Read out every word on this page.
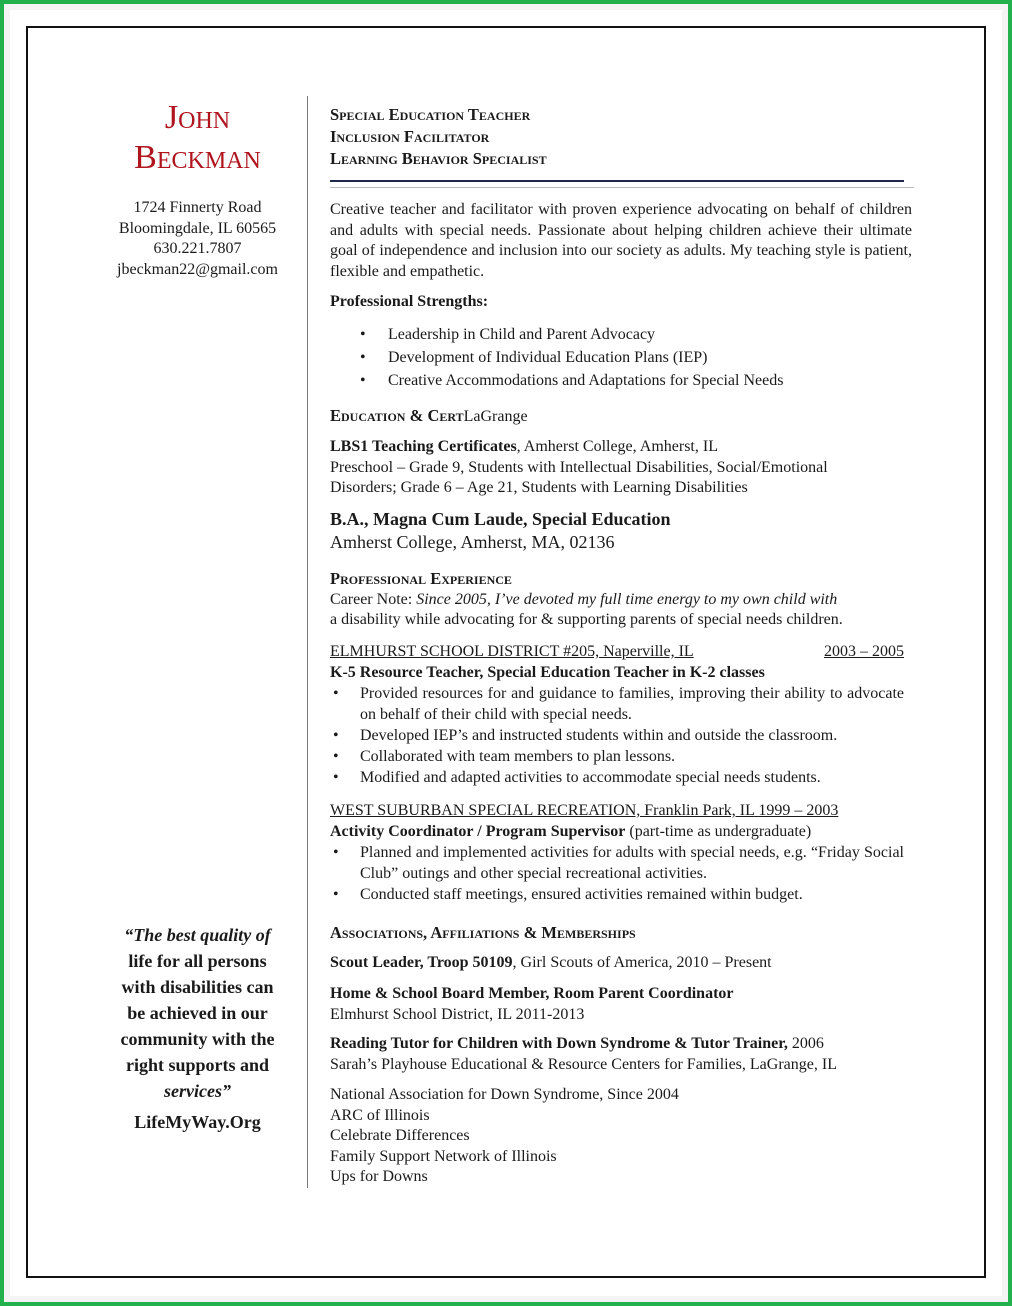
John
Beckman
1724 Finnerty Road
Bloomingdale, IL 60565
630.221.7807
jbeckman22@gmail.com
“The best quality of
life for all persons
with disabilities can
be achieved in our
community with the
right supports and
services”
LifeMyWay.Org
Special Education Teacher
Inclusion Facilitator
Learning Behavior Specialist
Creative teacher and facilitator with proven experience advocating on behalf of children and adults with special needs. Passionate about helping children achieve their ultimate goal of independence and inclusion into our society as adults. My teaching style is patient, flexible and empathetic.
Professional Strengths:
• Leadership in Child and Parent Advocacy
• Development of Individual Education Plans (IEP)
• Creative Accommodations and Adaptations for Special Needs
Education & CertLaGrange
LBS1 Teaching Certificates, Amherst College, Amherst, IL
Preschool – Grade 9, Students with Intellectual Disabilities, Social/Emotional
Disorders; Grade 6 – Age 21, Students with Learning Disabilities
B.A., Magna Cum Laude, Special Education
Amherst College, Amherst, MA, 02136
Professional Experience
Career Note: Since 2005, I’ve devoted my full time energy to my own child with
a disability while advocating for & supporting parents of special needs children.
ELMHURST SCHOOL DISTRICT #205, Naperville, IL	2003 – 2005
K-5 Resource Teacher, Special Education Teacher in K-2 classes
• Provided resources for and guidance to families, improving their ability to advocate on behalf of their child with special needs.
• Developed IEP’s and instructed students within and outside the classroom.
• Collaborated with team members to plan lessons.
• Modified and adapted activities to accommodate special needs students.
WEST SUBURBAN SPECIAL RECREATION, Franklin Park, IL 1999 – 2003
Activity Coordinator / Program Supervisor (part-time as undergraduate)
• Planned and implemented activities for adults with special needs, e.g. “Friday Social Club” outings and other special recreational activities.
• Conducted staff meetings, ensured activities remained within budget.
Associations, Affiliations & Memberships
Scout Leader, Troop 50109, Girl Scouts of America, 2010 – Present
Home & School Board Member, Room Parent Coordinator
Elmhurst School District, IL 2011-2013
Reading Tutor for Children with Down Syndrome & Tutor Trainer, 2006
Sarah’s Playhouse Educational & Resource Centers for Families, LaGrange, IL
National Association for Down Syndrome, Since 2004
ARC of Illinois
Celebrate Differences
Family Support Network of Illinois
Ups for Downs
